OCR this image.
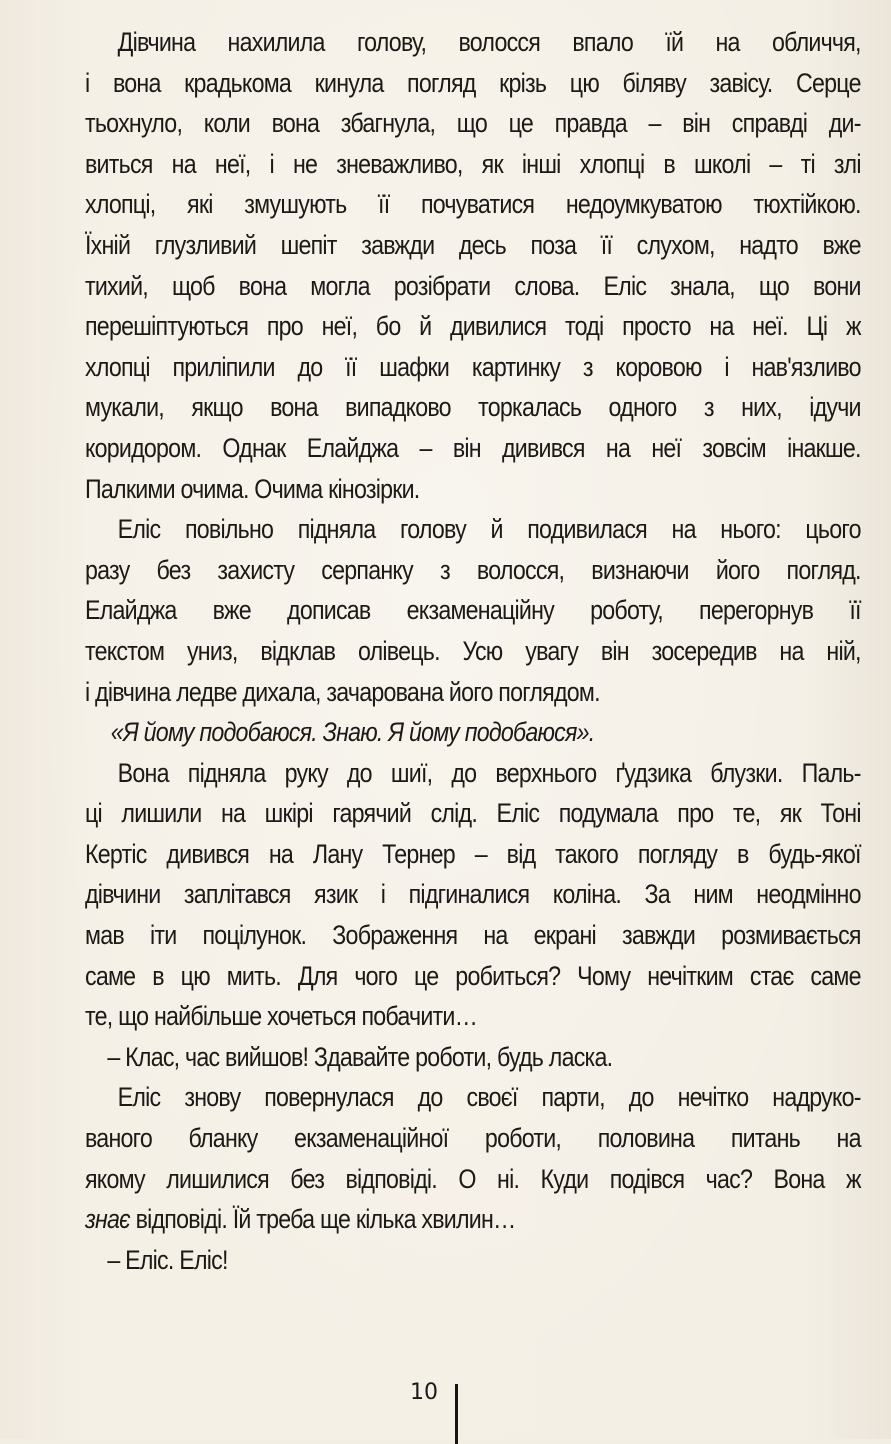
Дівчина нахилила голову, волосся впало їй на обличчя,
і вона крадькома кинула погляд крізь цю біляву завісу. Серце
тьохнуло, коли вона збагнула, що це правда – він справді ди-
виться на неї, і не зневажливо, як інші хлопці в школі – ті злі
хлопці, які змушують її почуватися недоумкуватою тюхтійкою.
Їхній глузливий шепіт завжди десь поза її слухом, надто вже
тихий, щоб вона могла розібрати слова. Еліс знала, що вони
перешіптуються про неї, бо й дивилися тоді просто на неї. Ці ж
хлопці приліпили до її шафки картинку з коровою і нав'язливо
мукали, якщо вона випадково торкалась одного з них, ідучи
коридором. Однак Елайджа – він дивився на неї зовсім інакше.
Палкими очима. Очима кінозірки.
Еліс повільно підняла голову й подивилася на нього: цього
разу без захисту серпанку з волосся, визнаючи його погляд.
Елайджа вже дописав екзаменаційну роботу, перегорнув її
текстом униз, відклав олівець. Усю увагу він зосередив на ній,
і дівчина ледве дихала, зачарована його поглядом.
«Я йому подобаюся. Знаю. Я йому подобаюся».
Вона підняла руку до шиї, до верхнього ґудзика блузки. Паль-
ці лишили на шкірі гарячий слід. Еліс подумала про те, як Тоні
Кертіс дивився на Лану Тернер – від такого погляду в будь-якої
дівчини заплітався язик і підгиналися коліна. За ним неодмінно
мав іти поцілунок. Зображення на екрані завжди розмивається
саме в цю мить. Для чого це робиться? Чому нечітким стає саме
те, що найбільше хочеться побачити…
– Клас, час вийшов! Здавайте роботи, будь ласка.
Еліс знову повернулася до своєї парти, до нечітко надруко-
ваного бланку екзаменаційної роботи, половина питань на
якому лишилися без відповіді. О ні. Куди подівся час? Вона ж
знає відповіді. Їй треба ще кілька хвилин…
– Еліс. Еліс!
10
